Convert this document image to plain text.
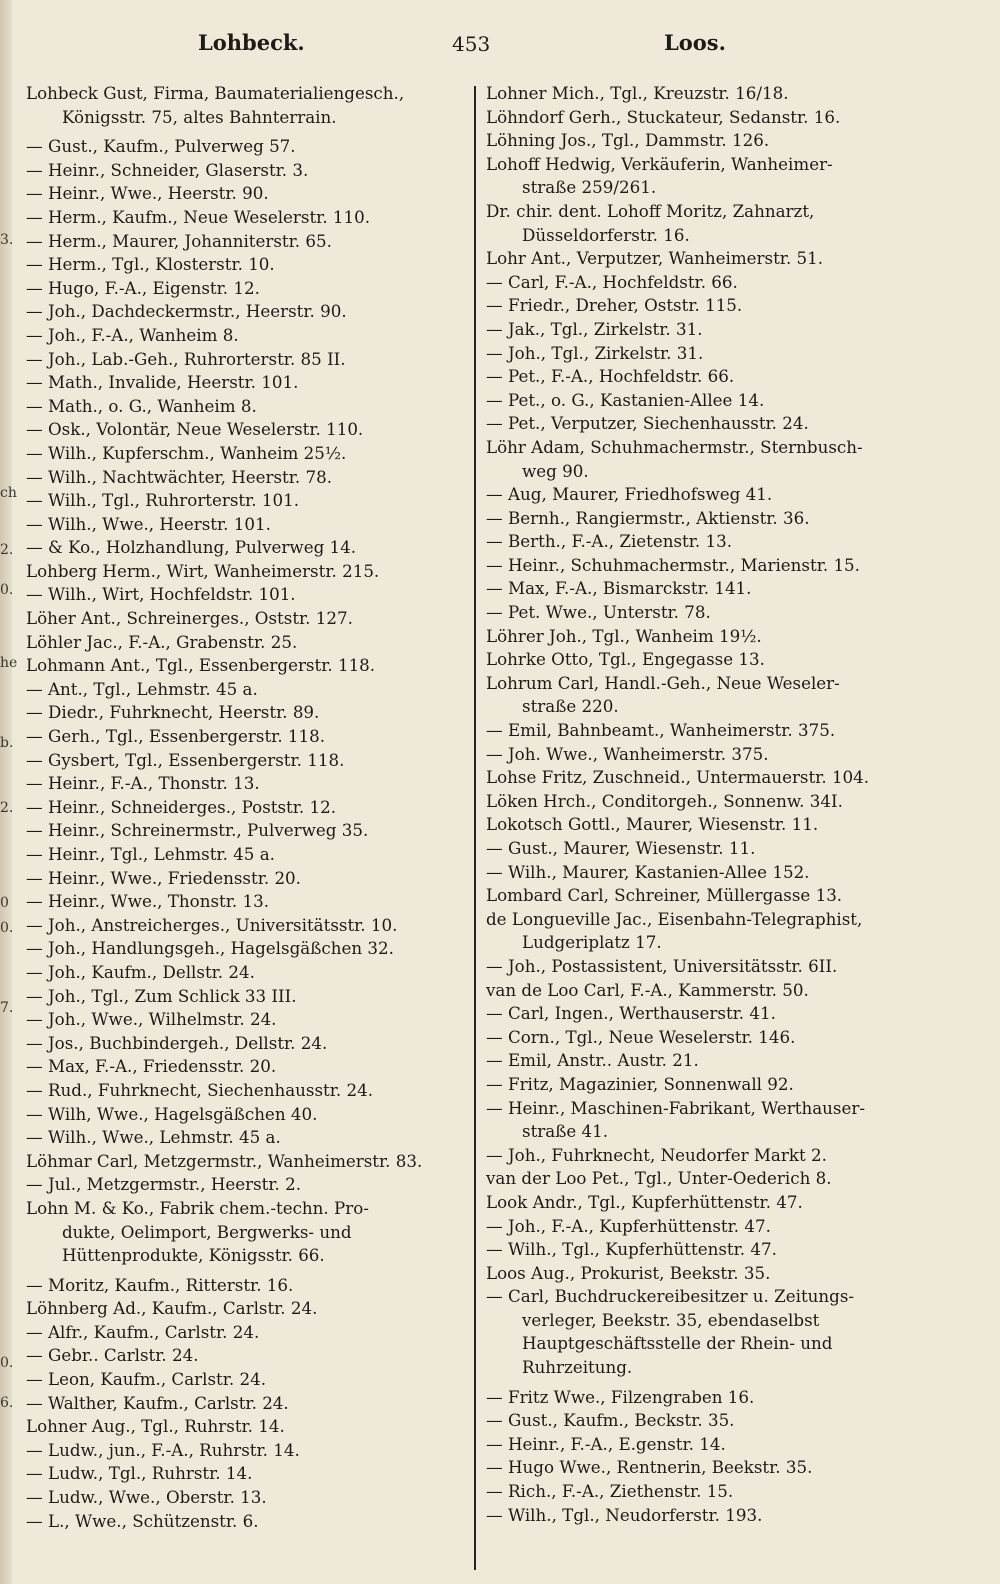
3.
ch
2.
0.
he
b.
2.
0
0.
7.
0.
6.
Lohbeck.	453	Loos.
Lohbeck Gust, Firma, Baumaterialiengesch.,
Königsstr. 75, altes Bahnterrain.
— Gust., Kaufm., Pulverweg 57.
— Heinr., Schneider, Glaserstr. 3.
— Heinr., Wwe., Heerstr. 90.
— Herm., Kaufm., Neue Weselerstr. 110.
— Herm., Maurer, Johanniterstr. 65.
— Herm., Tgl., Klosterstr. 10.
— Hugo, F.-A., Eigenstr. 12.
— Joh., Dachdeckermstr., Heerstr. 90.
— Joh., F.-A., Wanheim 8.
— Joh., Lab.-Geh., Ruhrorterstr. 85 II.
— Math., Invalide, Heerstr. 101.
— Math., o. G., Wanheim 8.
— Osk., Volontär, Neue Weselerstr. 110.
— Wilh., Kupferschm., Wanheim 25½.
— Wilh., Nachtwächter, Heerstr. 78.
— Wilh., Tgl., Ruhrorterstr. 101.
— Wilh., Wwe., Heerstr. 101.
— & Ko., Holzhandlung, Pulverweg 14.
Lohberg Herm., Wirt, Wanheimerstr. 215.
— Wilh., Wirt, Hochfeldstr. 101.
Löher Ant., Schreinerges., Oststr. 127.
Löhler Jac., F.-A., Grabenstr. 25.
Lohmann Ant., Tgl., Essenbergerstr. 118.
— Ant., Tgl., Lehmstr. 45 a.
— Diedr., Fuhrknecht, Heerstr. 89.
— Gerh., Tgl., Essenbergerstr. 118.
— Gysbert, Tgl., Essenbergerstr. 118.
— Heinr., F.-A., Thonstr. 13.
— Heinr., Schneiderges., Poststr. 12.
— Heinr., Schreinermstr., Pulverweg 35.
— Heinr., Tgl., Lehmstr. 45 a.
— Heinr., Wwe., Friedensstr. 20.
— Heinr., Wwe., Thonstr. 13.
— Joh., Anstreicherges., Universitätsstr. 10.
— Joh., Handlungsgeh., Hagelsgäßchen 32.
— Joh., Kaufm., Dellstr. 24.
— Joh., Tgl., Zum Schlick 33 III.
— Joh., Wwe., Wilhelmstr. 24.
— Jos., Buchbindergeh., Dellstr. 24.
— Max, F.-A., Friedensstr. 20.
— Rud., Fuhrknecht, Siechenhausstr. 24.
— Wilh, Wwe., Hagelsgäßchen 40.
— Wilh., Wwe., Lehmstr. 45 a.
Löhmar Carl, Metzgermstr., Wanheimerstr. 83.
— Jul., Metzgermstr., Heerstr. 2.
Lohn M. & Ko., Fabrik chem.-techn. Pro-
dukte, Oelimport, Bergwerks- und
Hüttenprodukte, Königsstr. 66.
— Moritz, Kaufm., Ritterstr. 16.
Löhnberg Ad., Kaufm., Carlstr. 24.
— Alfr., Kaufm., Carlstr. 24.
— Gebr.. Carlstr. 24.
— Leon, Kaufm., Carlstr. 24.
— Walther, Kaufm., Carlstr. 24.
Lohner Aug., Tgl., Ruhrstr. 14.
— Ludw., jun., F.-A., Ruhrstr. 14.
— Ludw., Tgl., Ruhrstr. 14.
— Ludw., Wwe., Oberstr. 13.
— L., Wwe., Schützenstr. 6.
Lohner Mich., Tgl., Kreuzstr. 16/18.
Löhndorf Gerh., Stuckateur, Sedanstr. 16.
Löhning Jos., Tgl., Dammstr. 126.
Lohoff Hedwig, Verkäuferin, Wanheimer-
straße 259/261.
Dr. chir. dent. Lohoff Moritz, Zahnarzt,
Düsseldorferstr. 16.
Lohr Ant., Verputzer, Wanheimerstr. 51.
— Carl, F.-A., Hochfeldstr. 66.
— Friedr., Dreher, Oststr. 115.
— Jak., Tgl., Zirkelstr. 31.
— Joh., Tgl., Zirkelstr. 31.
— Pet., F.-A., Hochfeldstr. 66.
— Pet., o. G., Kastanien-Allee 14.
— Pet., Verputzer, Siechenhausstr. 24.
Löhr Adam, Schuhmachermstr., Sternbusch-
weg 90.
— Aug, Maurer, Friedhofsweg 41.
— Bernh., Rangiermstr., Aktienstr. 36.
— Berth., F.-A., Zietenstr. 13.
— Heinr., Schuhmachermstr., Marienstr. 15.
— Max, F.-A., Bismarckstr. 141.
— Pet. Wwe., Unterstr. 78.
Löhrer Joh., Tgl., Wanheim 19½.
Lohrke Otto, Tgl., Engegasse 13.
Lohrum Carl, Handl.-Geh., Neue Weseler-
straße 220.
— Emil, Bahnbeamt., Wanheimerstr. 375.
— Joh. Wwe., Wanheimerstr. 375.
Lohse Fritz, Zuschneid., Untermauerstr. 104.
Löken Hrch., Conditorgeh., Sonnenw. 34I.
Lokotsch Gottl., Maurer, Wiesenstr. 11.
— Gust., Maurer, Wiesenstr. 11.
— Wilh., Maurer, Kastanien-Allee 152.
Lombard Carl, Schreiner, Müllergasse 13.
de Longueville Jac., Eisenbahn-Telegraphist,
Ludgeriplatz 17.
— Joh., Postassistent, Universitätsstr. 6II.
van de Loo Carl, F.-A., Kammerstr. 50.
— Carl, Ingen., Werthauserstr. 41.
— Corn., Tgl., Neue Weselerstr. 146.
— Emil, Anstr.. Austr. 21.
— Fritz, Magazinier, Sonnenwall 92.
— Heinr., Maschinen-Fabrikant, Werthauser-
straße 41.
— Joh., Fuhrknecht, Neudorfer Markt 2.
van der Loo Pet., Tgl., Unter-Oederich 8.
Look Andr., Tgl., Kupferhüttenstr. 47.
— Joh., F.-A., Kupferhüttenstr. 47.
— Wilh., Tgl., Kupferhüttenstr. 47.
Loos Aug., Prokurist, Beekstr. 35.
— Carl, Buchdruckereibesitzer u. Zeitungs-
verleger, Beekstr. 35, ebendaselbst
Hauptgeschäftsstelle der Rhein- und
Ruhrzeitung.
— Fritz Wwe., Filzengraben 16.
— Gust., Kaufm., Beckstr. 35.
— Heinr., F.-A., E.genstr. 14.
— Hugo Wwe., Rentnerin, Beekstr. 35.
— Rich., F.-A., Ziethenstr. 15.
— Wilh., Tgl., Neudorferstr. 193.
